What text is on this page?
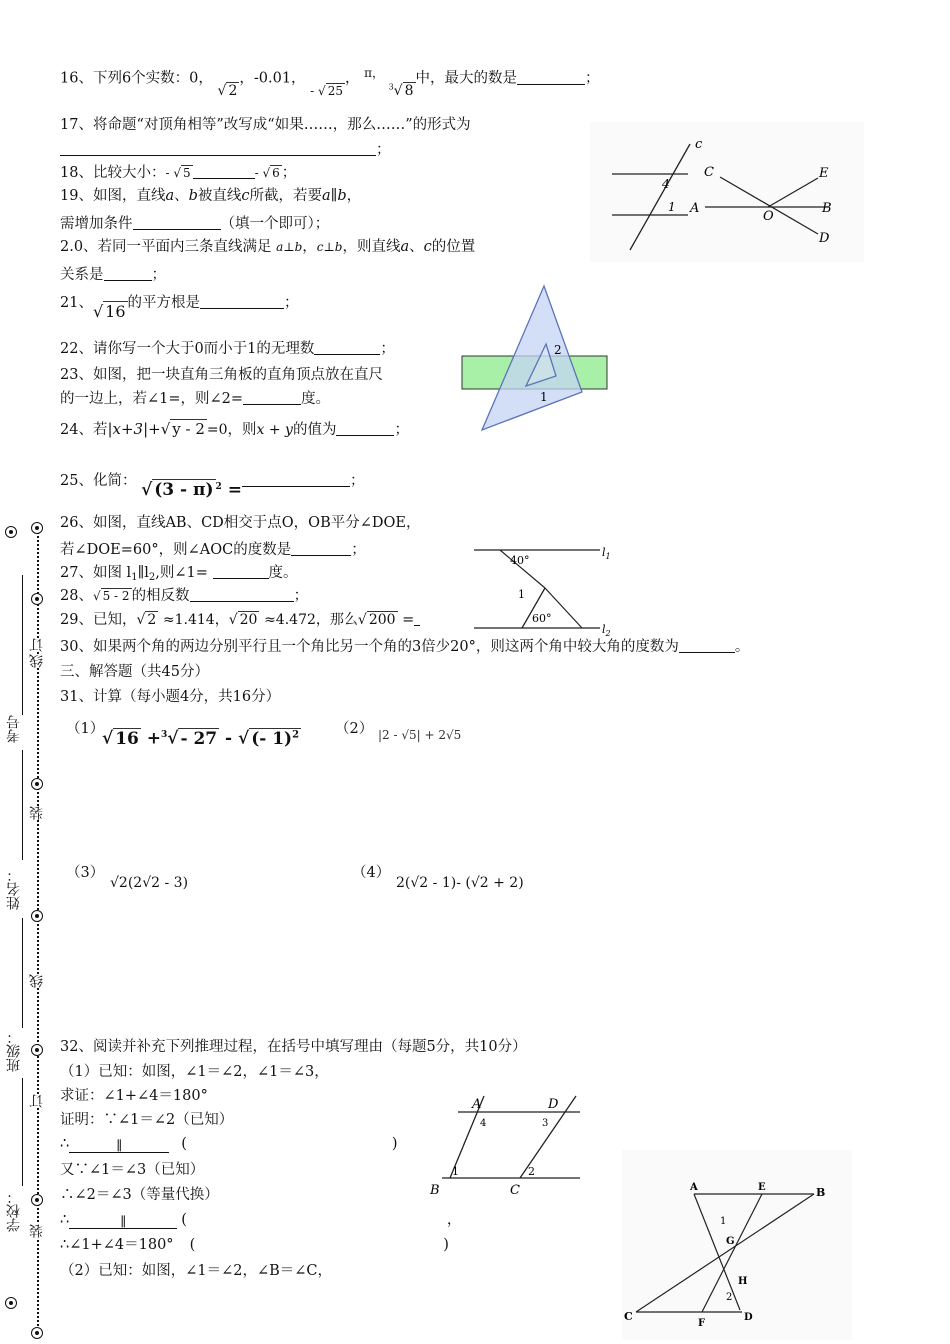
16、下列6个实数：0， √ 2，-0.01， $_{- √ 25}$， $^{\pi,}$ $^3$√ 8中，最大的数是	；
17、将命题“对顶角相等”改写成“如果……，那么……”的形式为
；
18、比较大小：- √ 5	- √ 6 ；
19、如图，直线a、b被直线c所截，若要a∥b，
需增加条件	（填一个即可）；
2.0、若同一平面内三条直线满足 a⊥b，c⊥b，则直线a、c的位置
关系是	；
21、√ 16 的平方根是	；
22、请你写一个大于0而小于1的无理数	；
23、如图，把一块直角三角板的直角顶点放在直尺
的一边上，若∠1=，则∠2=	度。
24、若|x+3|+√ y - 2 =0，则x + y的值为	；
25、化简： √ (3 - π) $^2$ =	；
26、如图，直线AB、CD相交于点O，OB平分∠DOE，
若∠DOE=60°，则∠AOC的度数是	；
27、如图 $l_1\parallel l_2$,则∠1=	度。
28、√ 5 - 2 的相反数	；
29、已知，√ 2 ≈1.414，√ 20 ≈4.472，那么√ 200 =
30、如果两个角的两边分别平行且一个角比另一个角的3倍少20°，则这两个角中较大角的度数为	。
三、解答题（共45分）
31、计算（每小题4分，共16分）
（1）
√ 16 +$^3$√ - 27 - √ (- 1)$^2$ （2） |2 - √5| + 2√5
（3）
√2(2√2 - 3)
（4）
2(√2 - 1)- (√2 + 2)
32、阅读并补充下列推理过程，在括号中填写理由（每题5分，共10分）
（1）已知：如图，∠1＝∠2，∠1＝∠3，
求证：∠1+∠4＝180°
证明：∵∠1＝∠2（已知）
∴	∥	(	)
又∵∠1＝∠3（已知）
∴∠2＝∠3（等量代换）
∴	∥	(	，
∴∠1+∠4＝180° (	)
（2）已知：如图，∠1＝∠2，∠B＝∠C，
c
4
1 A
C
O
E
B
D
2
1
40°
1
60°
$l_1$
$l_2$
A	D
B	C
4	3
1	2
A	E	B
G
H
C
F
D
1
2
订
线
装
线
订
装
考号
姓名：
班级：
学校：
